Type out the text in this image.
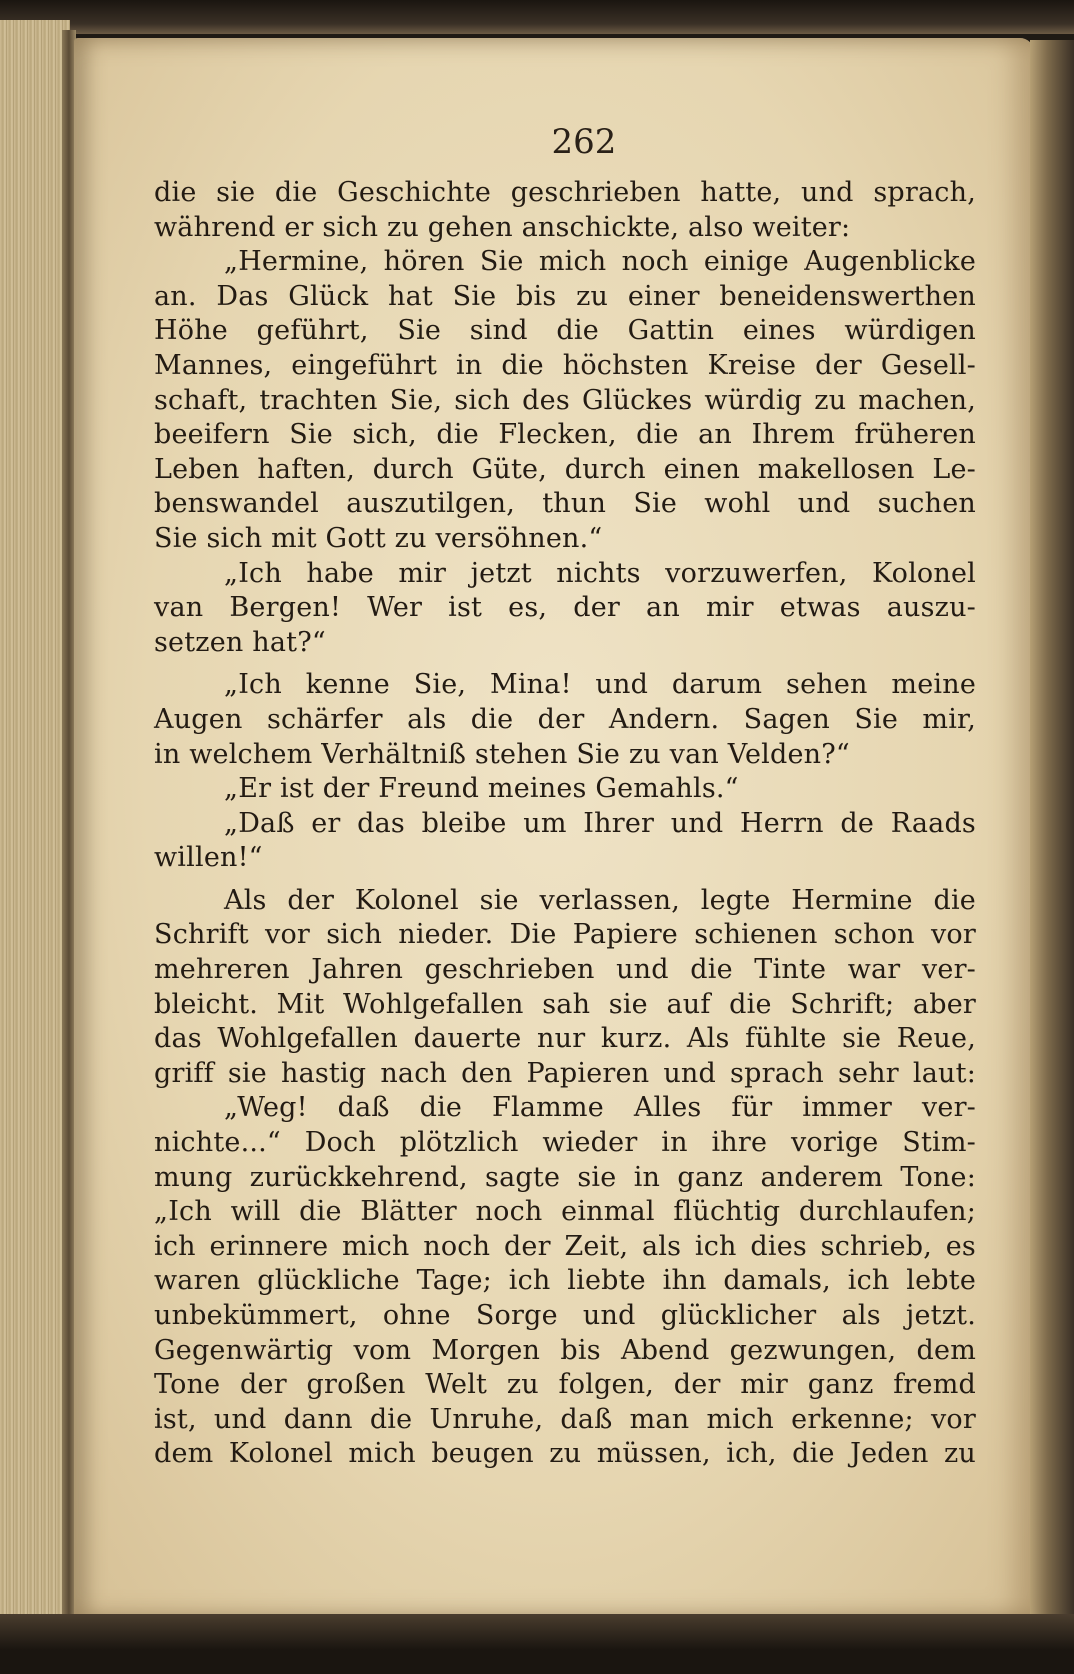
262
die sie die Geschichte geschrieben hatte, und sprach,
während er sich zu gehen anschickte, also weiter:
„Hermine, hören Sie mich noch einige Augenblicke
an. Das Glück hat Sie bis zu einer beneidenswerthen
Höhe geführt, Sie sind die Gattin eines würdigen
Mannes, eingeführt in die höchsten Kreise der Gesell-
schaft, trachten Sie, sich des Glückes würdig zu machen,
beeifern Sie sich, die Flecken, die an Ihrem früheren
Leben haften, durch Güte, durch einen makellosen Le-
benswandel auszutilgen, thun Sie wohl und suchen
Sie sich mit Gott zu versöhnen.“
„Ich habe mir jetzt nichts vorzuwerfen, Kolonel
van Bergen! Wer ist es, der an mir etwas auszu-
setzen hat?“
„Ich kenne Sie, Mina! und darum sehen meine
Augen schärfer als die der Andern. Sagen Sie mir,
in welchem Verhältniß stehen Sie zu van Velden?“
„Er ist der Freund meines Gemahls.“
„Daß er das bleibe um Ihrer und Herrn de Raads
willen!“
Als der Kolonel sie verlassen, legte Hermine die
Schrift vor sich nieder. Die Papiere schienen schon vor
mehreren Jahren geschrieben und die Tinte war ver-
bleicht. Mit Wohlgefallen sah sie auf die Schrift; aber
das Wohlgefallen dauerte nur kurz. Als fühlte sie Reue,
griff sie hastig nach den Papieren und sprach sehr laut:
„Weg! daß die Flamme Alles für immer ver-
nichte...“ Doch plötzlich wieder in ihre vorige Stim-
mung zurückkehrend, sagte sie in ganz anderem Tone:
„Ich will die Blätter noch einmal flüchtig durchlaufen;
ich erinnere mich noch der Zeit, als ich dies schrieb, es
waren glückliche Tage; ich liebte ihn damals, ich lebte
unbekümmert, ohne Sorge und glücklicher als jetzt.
Gegenwärtig vom Morgen bis Abend gezwungen, dem
Tone der großen Welt zu folgen, der mir ganz fremd
ist, und dann die Unruhe, daß man mich erkenne; vor
dem Kolonel mich beugen zu müssen, ich, die Jeden zu
